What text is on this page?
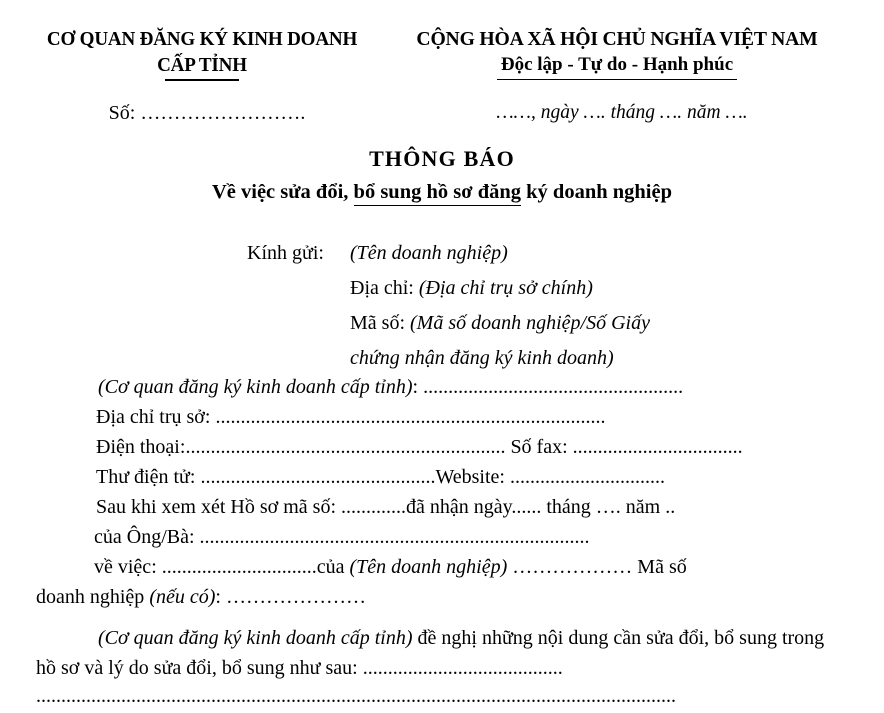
CƠ QUAN ĐĂNG KÝ KINH DOANH
CẤP TỈNH
CỘNG HÒA XÃ HỘI CHỦ NGHĨA VIỆT NAM
Độc lập - Tự do - Hạnh phúc
Số: …………………….	……, ngày …. tháng …. năm ….
THÔNG BÁO
Về việc sửa đổi, bổ sung hồ sơ đăng ký doanh nghiệp
Kính gửi:	(Tên doanh nghiệp)
Địa chỉ: (Địa chỉ trụ sở chính)
Mã số: (Mã số doanh nghiệp/Số Giấy
chứng nhận đăng ký kinh doanh)
(Cơ quan đăng ký kinh doanh cấp tỉnh): ....................................................
Địa chỉ trụ sở: ..............................................................................
Điện thoại:................................................................ Số fax: ..................................
Thư điện tử: ...............................................Website: ...............................
Sau khi xem xét Hồ sơ mã số: .............đã nhận ngày...... tháng …. năm ..
của Ông/Bà: ..............................................................................
về việc: ...............................của (Tên doanh nghiệp) ……………… Mã số
doanh nghiệp (nếu có): …………………
(Cơ quan đăng ký kinh doanh cấp tỉnh) đề nghị những nội dung cần sửa đổi, bổ sung trong hồ sơ và lý do sửa đổi, bổ sung như sau: ........................................
................................................................................................................................
